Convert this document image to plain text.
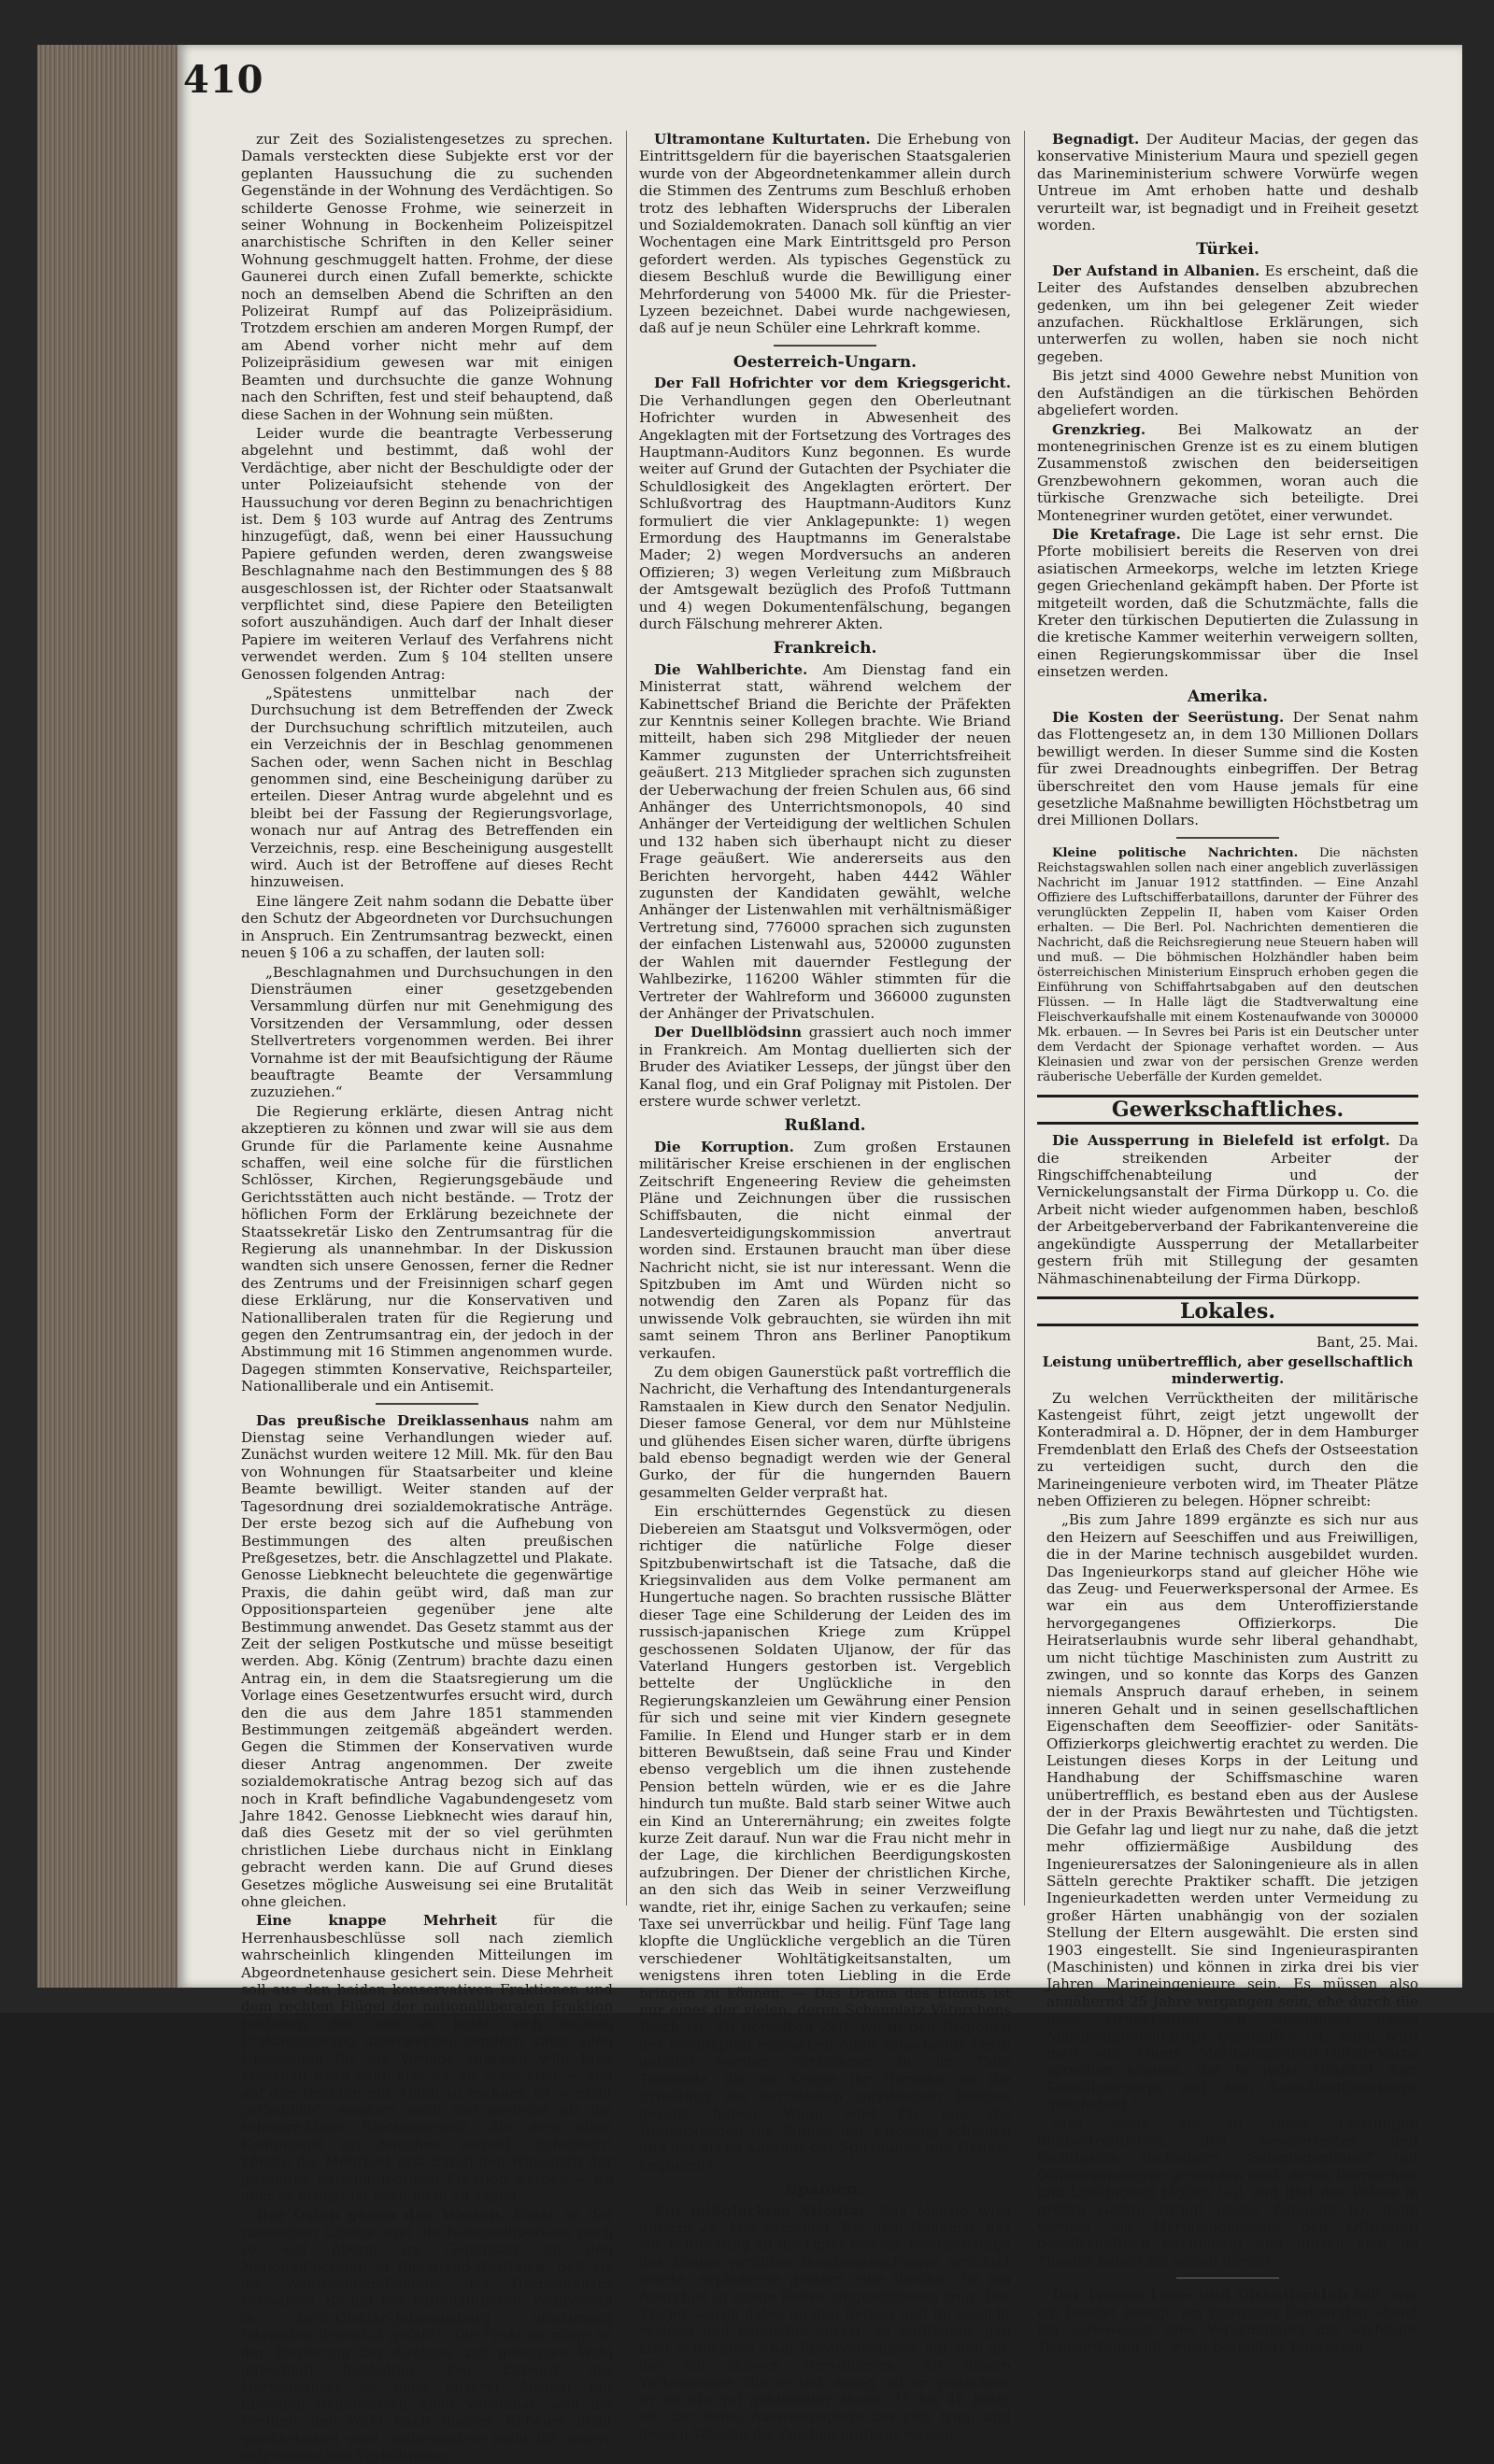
410

zur Zeit des Sozialistengesetzes zu sprechen. Damals versteckten diese Subjekte erst vor der geplanten Haussuchung die zu suchenden Gegenstände in der Wohnung des Verdächtigen. So schilderte Genosse Frohme, wie seinerzeit in seiner Wohnung in Bockenheim Polizeispitzel anarchistische Schriften in den Keller seiner Wohnung geschmuggelt hatten. Frohme, der diese Gaunerei durch einen Zufall bemerkte, schickte noch an demselben Abend die Schriften an den Polizeirat Rumpf auf das Polizeipräsidium. Trotzdem erschien am anderen Morgen Rumpf, der am Abend vorher nicht mehr auf dem Polizeipräsidium gewesen war mit einigen Beamten und durchsuchte die ganze Wohnung nach den Schriften, fest und steif behauptend, daß diese Sachen in der Wohnung sein müßten.

Leider wurde die beantragte Verbesserung abgelehnt und bestimmt, daß wohl der Verdächtige, aber nicht der Beschuldigte oder der unter Polizeiaufsicht stehende von der Haussuchung vor deren Beginn zu benachrichtigen ist. Dem § 103 wurde auf Antrag des Zentrums hinzugefügt, daß, wenn bei einer Haussuchung Papiere gefunden werden, deren zwangsweise Beschlagnahme nach den Bestimmungen des § 88 ausgeschlossen ist, der Richter oder Staatsanwalt verpflichtet sind, diese Papiere den Beteiligten sofort auszuhändigen. Auch darf der Inhalt dieser Papiere im weiteren Verlauf des Verfahrens nicht verwendet werden. Zum § 104 stellten unsere Genossen folgenden Antrag:

„Spätestens unmittelbar nach der Durchsuchung ist dem Betreffenden der Zweck der Durchsuchung schriftlich mitzuteilen, auch ein Verzeichnis der in Beschlag genommenen Sachen oder, wenn Sachen nicht in Beschlag genommen sind, eine Bescheinigung darüber zu erteilen. Dieser Antrag wurde abgelehnt und es bleibt bei der Fassung der Regierungsvorlage, wonach nur auf Antrag des Betreffenden ein Verzeichnis, resp. eine Bescheinigung ausgestellt wird. Auch ist der Betroffene auf dieses Recht hinzuweisen.

Eine längere Zeit nahm sodann die Debatte über den Schutz der Abgeordneten vor Durchsuchungen in Anspruch. Ein Zentrumsantrag bezweckt, einen neuen § 106 a zu schaffen, der lauten soll:

„Beschlagnahmen und Durchsuchungen in den Diensträumen einer gesetzgebenden Versammlung dürfen nur mit Genehmigung des Vorsitzenden der Versammlung, oder dessen Stellvertreters vorgenommen werden. Bei ihrer Vornahme ist der mit Beaufsichtigung der Räume beauftragte Beamte der Versammlung zuzuziehen.“

Die Regierung erklärte, diesen Antrag nicht akzeptieren zu können und zwar will sie aus dem Grunde für die Parlamente keine Ausnahme schaffen, weil eine solche für die fürstlichen Schlösser, Kirchen, Regierungsgebäude und Gerichtsstätten auch nicht bestände. — Trotz der höflichen Form der Erklärung bezeichnete der Staatssekretär Lisko den Zentrumsantrag für die Regierung als unannehmbar. In der Diskussion wandten sich unsere Genossen, ferner die Redner des Zentrums und der Freisinnigen scharf gegen diese Erklärung, nur die Konservativen und Nationalliberalen traten für die Regierung und gegen den Zentrumsantrag ein, der jedoch in der Abstimmung mit 16 Stimmen angenommen wurde. Dagegen stimmten Konservative, Reichsparteiler, Nationalliberale und ein Antisemit.

Das preußische Dreiklassenhaus nahm am Dienstag seine Verhandlungen wieder auf. Zunächst wurden weitere 12 Mill. Mk. für den Bau von Wohnungen für Staatsarbeiter und kleine Beamte bewilligt. Weiter standen auf der Tagesordnung drei sozialdemokratische Anträge. Der erste bezog sich auf die Aufhebung von Bestimmungen des alten preußischen Preßgesetzes, betr. die Anschlagzettel und Plakate. Genosse Liebknecht beleuchtete die gegenwärtige Praxis, die dahin geübt wird, daß man zur Oppositionsparteien gegenüber jene alte Bestimmung anwendet. Das Gesetz stammt aus der Zeit der seligen Postkutsche und müsse beseitigt werden. Abg. König (Zentrum) brachte dazu einen Antrag ein, in dem die Staatsregierung um die Vorlage eines Gesetzentwurfes ersucht wird, durch den die aus dem Jahre 1851 stammenden Bestimmungen zeitgemäß abgeändert werden. Gegen die Stimmen der Konservativen wurde dieser Antrag angenommen. Der zweite sozialdemokratische Antrag bezog sich auf das noch in Kraft befindliche Vagabundengesetz vom Jahre 1842. Genosse Liebknecht wies darauf hin, daß dies Gesetz mit der so viel gerühmten christlichen Liebe durchaus nicht in Einklang gebracht werden kann. Die auf Grund dieses Gesetzes mögliche Ausweisung sei eine Brutalität ohne gleichen.

Eine knappe Mehrheit für die Herrenhausbeschlüsse soll nach ziemlich wahrscheinlich klingenden Mitteilungen im Abgeordnetenhause gesichert sein. Diese Mehrheit soll aus den beiden konservativen Fraktionen und dem rechten Flügel der nationalliberalen Fraktion bestehen, der, wie es heißt, sich keinem Fraktionszwang unterwerfen, sondern unter allen Umständen für die Vorlage stimmen will. Eine Mehrheit wäre dann also da, sie wäre aber — und auf den Rechten mit Abfall zu rechnen ist — nicht „erheblich“, sondern noch viel geringer als die schwarz-blaue Blockmehrheit, die dem alten Kompromiß zur Annahme verhalf. „Erheblich“ könnte die Mehrheit erst durch den Hinzutritt der gesamten nationalliberalen Fraktion werden — ob aber er erfolgt ist noch nicht zu sagen.

Der Osten gegen den Westen. Sogar an der russischen Grenze sind die Nationalliberalen noch so viel liberal im Gegensatz zu den Nationalliberalen in Rheinland-Westfalen, daß sie die Wahlrechtsmißgeburt des Herrenhauses verwarfen. So hat der nationalliberale Wahlverein in Lyck-Oletzko-Johannisburg einstimmig folgenden Beschluß gefaßt: „Die Fraktion möge an der Forderung der direkten und geheimen Wahl unbedingt festhalten. Der Entwurf des Herrenhauses ist nach unserer Ansicht mit liberalen Grundsätzen nicht vereinbar, weil die Freiheit der Wahl nach diesem Entwurf nicht gewährleistet wird, insbesondere nicht für unsere ostpreußischen Verhältnisse.

Ultramontane Kulturtaten. Die Erhebung von Eintrittsgeldern für die bayerischen Staatsgalerien wurde von der Abgeordnetenkammer allein durch die Stimmen des Zentrums zum Beschluß erhoben trotz des lebhaften Widerspruchs der Liberalen und Sozialdemokraten. Danach soll künftig an vier Wochentagen eine Mark Eintrittsgeld pro Person gefordert werden. Als typisches Gegenstück zu diesem Beschluß wurde die Bewilligung einer Mehrforderung von 54000 Mk. für die Priester-Lyzeen bezeichnet. Dabei wurde nachgewiesen, daß auf je neun Schüler eine Lehrkraft komme.

Oesterreich-Ungarn.

Der Fall Hofrichter vor dem Kriegsgericht. Die Verhandlungen gegen den Oberleutnant Hofrichter wurden in Abwesenheit des Angeklagten mit der Fortsetzung des Vortrages des Hauptmann-Auditors Kunz begonnen. Es wurde weiter auf Grund der Gutachten der Psychiater die Schuldlosigkeit des Angeklagten erörtert. Der Schlußvortrag des Hauptmann-Auditors Kunz formuliert die vier Anklagepunkte: 1) wegen Ermordung des Hauptmanns im Generalstabe Mader; 2) wegen Mordversuchs an anderen Offizieren; 3) wegen Verleitung zum Mißbrauch der Amtsgewalt bezüglich des Profoß Tuttmann und 4) wegen Dokumentenfälschung, begangen durch Fälschung mehrerer Akten.

Frankreich.

Die Wahlberichte. Am Dienstag fand ein Ministerrat statt, während welchem der Kabinettschef Briand die Berichte der Präfekten zur Kenntnis seiner Kollegen brachte. Wie Briand mitteilt, haben sich 298 Mitglieder der neuen Kammer zugunsten der Unterrichtsfreiheit geäußert. 213 Mitglieder sprachen sich zugunsten der Ueberwachung der freien Schulen aus, 66 sind Anhänger des Unterrichtsmonopols, 40 sind Anhänger der Verteidigung der weltlichen Schulen und 132 haben sich überhaupt nicht zu dieser Frage geäußert. Wie andererseits aus den Berichten hervorgeht, haben 4442 Wähler zugunsten der Kandidaten gewählt, welche Anhänger der Listenwahlen mit verhältnismäßiger Vertretung sind, 776000 sprachen sich zugunsten der einfachen Listenwahl aus, 520000 zugunsten der Wahlen mit dauernder Festlegung der Wahlbezirke, 116200 Wähler stimmten für die Vertreter der Wahlreform und 366000 zugunsten der Anhänger der Privatschulen.

Der Duellblödsinn grassiert auch noch immer in Frankreich. Am Montag duellierten sich der Bruder des Aviatiker Lesseps, der jüngst über den Kanal flog, und ein Graf Polignay mit Pistolen. Der erstere wurde schwer verletzt.

Rußland.

Die Korruption. Zum großen Erstaunen militärischer Kreise erschienen in der englischen Zeitschrift Engeneering Review die geheimsten Pläne und Zeichnungen über die russischen Schiffsbauten, die nicht einmal der Landesverteidigungskommission anvertraut worden sind. Erstaunen braucht man über diese Nachricht nicht, sie ist nur interessant. Wenn die Spitzbuben im Amt und Würden nicht so notwendig den Zaren als Popanz für das unwissende Volk gebrauchten, sie würden ihn mit samt seinem Thron ans Berliner Panoptikum verkaufen.

Zu dem obigen Gaunerstück paßt vortrefflich die Nachricht, die Verhaftung des Intendanturgenerals Ramstaalen in Kiew durch den Senator Nedjulin. Dieser famose General, vor dem nur Mühlsteine und glühendes Eisen sicher waren, dürfte übrigens bald ebenso begnadigt werden wie der General Gurko, der für die hungernden Bauern gesammelten Gelder verpraßt hat.

Ein erschütterndes Gegenstück zu diesen Diebereien am Staatsgut und Volksvermögen, oder richtiger die natürliche Folge dieser Spitzbubenwirtschaft ist die Tatsache, daß die Kriegsinvaliden aus dem Volke permanent am Hungertuche nagen. So brachten russische Blätter dieser Tage eine Schilderung der Leiden des im russisch-japanischen Kriege zum Krüppel geschossenen Soldaten Uljanow, der für das Vaterland Hungers gestorben ist. Vergeblich bettelte der Unglückliche in den Regierungskanzleien um Gewährung einer Pension für sich und seine mit vier Kindern gesegnete Familie. In Elend und Hunger starb er in dem bitteren Bewußtsein, daß seine Frau und Kinder ebenso vergeblich um die ihnen zustehende Pension betteln würden, wie er es die Jahre hindurch tun mußte. Bald starb seiner Witwe auch ein Kind an Unterernährung; ein zweites folgte kurze Zeit darauf. Nun war die Frau nicht mehr in der Lage, die kirchlichen Beerdigungskosten aufzubringen. Der Diener der christlichen Kirche, an den sich das Weib in seiner Verzweiflung wandte, riet ihr, einige Sachen zu verkaufen; seine Taxe sei unverrückbar und heilig. Fünf Tage lang klopfte die Unglückliche vergeblich an die Türen verschiedener Wohltätigkeitsanstalten, um wenigstens ihren toten Liebling in die Erde bringen zu können. — Das Drama des Elends ist nur eines der vielen, deren Schauplatz Väterchens Reich ist. Zu derselben Zeit, wo in den Regionen des verlumpten russischen Adels rauschende Feste gefeiert werden, verkommen in der Tiefe Tausende, die im Kriege ihr Herzblut an die Erhaltung des verrotteten zaristischen Reiches gesetzt haben. Wann wird für alle die Unglücklichen die Stunde der Erlösung schlagen und der große Kehraus der Spitzbuben und Henker beginnen?

Spanien.

Ein mißglücktes Attentat. Aus Madrid wird unterm 24. Mai gemeldet: Bei dem Denkmal, das zur Erinnerung an die Opfer des am Hochzeitstage des Königs verübten Bombenanschlages errichtet wurde, explodierte gestern eine Bombe, die ein Anarchist in einem Koffer eingeschlossen trug. Der Träger wurde dabei an den Beinen und im Gesicht verletzt und versuchte zuerst, zu entfliehen, gab aber schließlich zwei Revolverschüsse auf sich ab, die ihn schwer verwundeten. An diesen Verletzungen, die er sich zuzog, ist er gestorben. Er ist ein gut gekleideter Mann, 35 bis 40 Jahre alt, der keine Ausweispapiere bei sich trug, und dessen Wäsche die Zeichen entfernt waren.

Begnadigt. Der Auditeur Macias, der gegen das konservative Ministerium Maura und speziell gegen das Marineministerium schwere Vorwürfe wegen Untreue im Amt erhoben hatte und deshalb verurteilt war, ist begnadigt und in Freiheit gesetzt worden.

Türkei.

Der Aufstand in Albanien. Es erscheint, daß die Leiter des Aufstandes denselben abzubrechen gedenken, um ihn bei gelegener Zeit wieder anzufachen. Rückhaltlose Erklärungen, sich unterwerfen zu wollen, haben sie noch nicht gegeben.

Bis jetzt sind 4000 Gewehre nebst Munition von den Aufständigen an die türkischen Behörden abgeliefert worden.

Grenzkrieg. Bei Malkowatz an der montenegrinischen Grenze ist es zu einem blutigen Zusammenstoß zwischen den beiderseitigen Grenzbewohnern gekommen, woran auch die türkische Grenzwache sich beteiligte. Drei Montenegriner wurden getötet, einer verwundet.

Die Kretafrage. Die Lage ist sehr ernst. Die Pforte mobilisiert bereits die Reserven von drei asiatischen Armeekorps, welche im letzten Kriege gegen Griechenland gekämpft haben. Der Pforte ist mitgeteilt worden, daß die Schutzmächte, falls die Kreter den türkischen Deputierten die Zulassung in die kretische Kammer weiterhin verweigern sollten, einen Regierungskommissar über die Insel einsetzen werden.

Amerika.

Die Kosten der Seerüstung. Der Senat nahm das Flottengesetz an, in dem 130 Millionen Dollars bewilligt werden. In dieser Summe sind die Kosten für zwei Dreadnoughts einbegriffen. Der Betrag überschreitet den vom Hause jemals für eine gesetzliche Maßnahme bewilligten Höchstbetrag um drei Millionen Dollars.

Kleine politische Nachrichten. Die nächsten Reichstagswahlen sollen nach einer angeblich zuverlässigen Nachricht im Januar 1912 stattfinden. — Eine Anzahl Offiziere des Luftschifferbataillons, darunter der Führer des verunglückten Zeppelin II, haben vom Kaiser Orden erhalten. — Die Berl. Pol. Nachrichten dementieren die Nachricht, daß die Reichsregierung neue Steuern haben will und muß. — Die böhmischen Holzhändler haben beim österreichischen Ministerium Einspruch erhoben gegen die Einführung von Schiffahrtsabgaben auf den deutschen Flüssen. — In Halle lägt die Stadtverwaltung eine Fleischverkaufshalle mit einem Kostenaufwande von 300000 Mk. erbauen. — In Sevres bei Paris ist ein Deutscher unter dem Verdacht der Spionage verhaftet worden. — Aus Kleinasien und zwar von der persischen Grenze werden räuberische Ueberfälle der Kurden gemeldet.

Gewerkschaftliches.

Die Aussperrung in Bielefeld ist erfolgt. Da die streikenden Arbeiter der Ringschiffchenabteilung und der Vernickelungsanstalt der Firma Dürkopp u. Co. die Arbeit nicht wieder aufgenommen haben, beschloß der Arbeitgeberverband der Fabrikantenvereine die angekündigte Aussperrung der Metallarbeiter gestern früh mit Stillegung der gesamten Nähmaschinenabteilung der Firma Dürkopp.

Lokales.

Bant, 25. Mai.

Leistung unübertrefflich, aber gesellschaftlich minderwertig.

Zu welchen Verrücktheiten der militärische Kastengeist führt, zeigt jetzt ungewollt der Konteradmiral a. D. Höpner, der in dem Hamburger Fremdenblatt den Erlaß des Chefs der Ostseestation zu verteidigen sucht, durch den die Marineingenieure verboten wird, im Theater Plätze neben Offizieren zu belegen. Höpner schreibt:

„Bis zum Jahre 1899 ergänzte es sich nur aus den Heizern auf Seeschiffen und aus Freiwilligen, die in der Marine technisch ausgebildet wurden. Das Ingenieurkorps stand auf gleicher Höhe wie das Zeug- und Feuerwerkspersonal der Armee. Es war ein aus dem Unteroffizierstande hervorgegangenes Offizierkorps. Die Heiratserlaubnis wurde sehr liberal gehandhabt, um nicht tüchtige Maschinisten zum Austritt zu zwingen, und so konnte das Korps des Ganzen niemals Anspruch darauf erheben, in seinem inneren Gehalt und in seinen gesellschaftlichen Eigenschaften dem Seeoffizier- oder Sanitäts-Offizierkorps gleichwertig erachtet zu werden. Die Leistungen dieses Korps in der Leitung und Handhabung der Schiffsmaschine waren unübertrefflich, es bestand eben aus der Auslese der in der Praxis Bewährtesten und Tüchtigsten. Die Gefahr lag und liegt nur zu nahe, daß die jetzt mehr offiziermäßige Ausbildung des Ingenieurersatzes der Saloningenieure als in allen Sätteln gerechte Praktiker schafft. Die jetzigen Ingenieurkadetten werden unter Vermeidung zu großer Härten unabhängig von der sozialen Stellung der Eltern ausgewählt. Die ersten sind 1903 eingestellt. Sie sind Ingenieuraspiranten (Maschinisten) und können in zirka drei bis vier Jahren Marineingenieure sein. Es müssen also annähernd 25 Jahre vergangen sein, ehe durch die neue Organisation ein homogenes neues Marineingenieurkorps geschaffen ist; dann wird man von einem Marineingenieur-Offizierkorps sprechen können, das in jeder Hinsicht dem Seeoffizierkorps und dem Sanitätsoffizierkorps gleichsteht.“

Also wenn sie in ihren Leistungen unübertrefflichen, den bewährtesten und tüchtigsten Technikern „Saloningenieure“ mit Offiziersmanieren geworden sind, deren Bornierheit und Unfähigkeit täglich Gut und Blut des Volkes in größte Gefahr bringt (siehe Zeppelin II), dann werden die Marineingenieure den Offizieren gesellschaftlich ebenbürtig und dürfen sich im Theater neben sie setzen dürfen.

Der Frauen-Lese- und Diskutierklub hält, wie ein Inserat besagt, am morgigen Donnerstag abend bei Sadewasser eine Versammlung mit wichtiger Tagesordnung ab, wozu besonders hinweisen.
